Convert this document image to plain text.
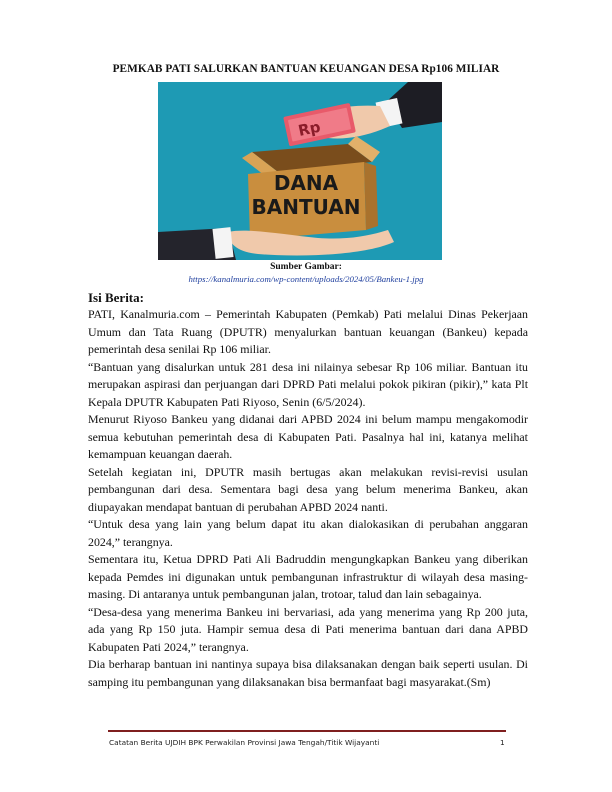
PEMKAB PATI SALURKAN BANTUAN KEUANGAN DESA Rp106 MILIAR
Rp
DANA
BANTUAN
Sumber Gambar:
https://kanalmuria.com/wp-content/uploads/2024/05/Bankeu-1.jpg
Isi Berita:

PATI, Kanalmuria.com – Pemerintah Kabupaten (Pemkab) Pati melalui Dinas Pekerjaan Umum dan Tata Ruang (DPUTR) menyalurkan bantuan keuangan (Bankeu) kepada pemerintah desa senilai Rp 106 miliar.

“Bantuan yang disalurkan untuk 281 desa ini nilainya sebesar Rp 106 miliar. Bantuan itu merupakan aspirasi dan perjuangan dari DPRD Pati melalui pokok pikiran (pikir),” kata Plt Kepala DPUTR Kabupaten Pati Riyoso, Senin (6/5/2024).

Menurut Riyoso Bankeu yang didanai dari APBD 2024 ini belum mampu mengakomodir semua kebutuhan pemerintah desa di Kabupaten Pati. Pasalnya hal ini, katanya melihat kemampuan keuangan daerah.

Setelah kegiatan ini, DPUTR masih bertugas akan melakukan revisi-revisi usulan pembangunan dari desa. Sementara bagi desa yang belum menerima Bankeu, akan diupayakan mendapat bantuan di perubahan APBD 2024 nanti.

“Untuk desa yang lain yang belum dapat itu akan dialokasikan di perubahan anggaran 2024,” terangnya.

Sementara itu, Ketua DPRD Pati Ali Badruddin mengungkapkan Bankeu yang diberikan kepada Pemdes ini digunakan untuk pembangunan infrastruktur di wilayah desa masing-masing. Di antaranya untuk pembangunan jalan, trotoar, talud dan lain sebagainya.

“Desa-desa yang menerima Bankeu ini bervariasi, ada yang menerima yang Rp 200 juta, ada yang Rp 150 juta. Hampir semua desa di Pati menerima bantuan dari dana APBD Kabupaten Pati 2024,” terangnya.

Dia berharap bantuan ini nantinya supaya bisa dilaksanakan dengan baik seperti usulan. Di samping itu pembangunan yang dilaksanakan bisa bermanfaat bagi masyarakat.(Sm)

Catatan Berita UJDIH BPK Perwakilan Provinsi Jawa Tengah/Titik Wijayanti	1
